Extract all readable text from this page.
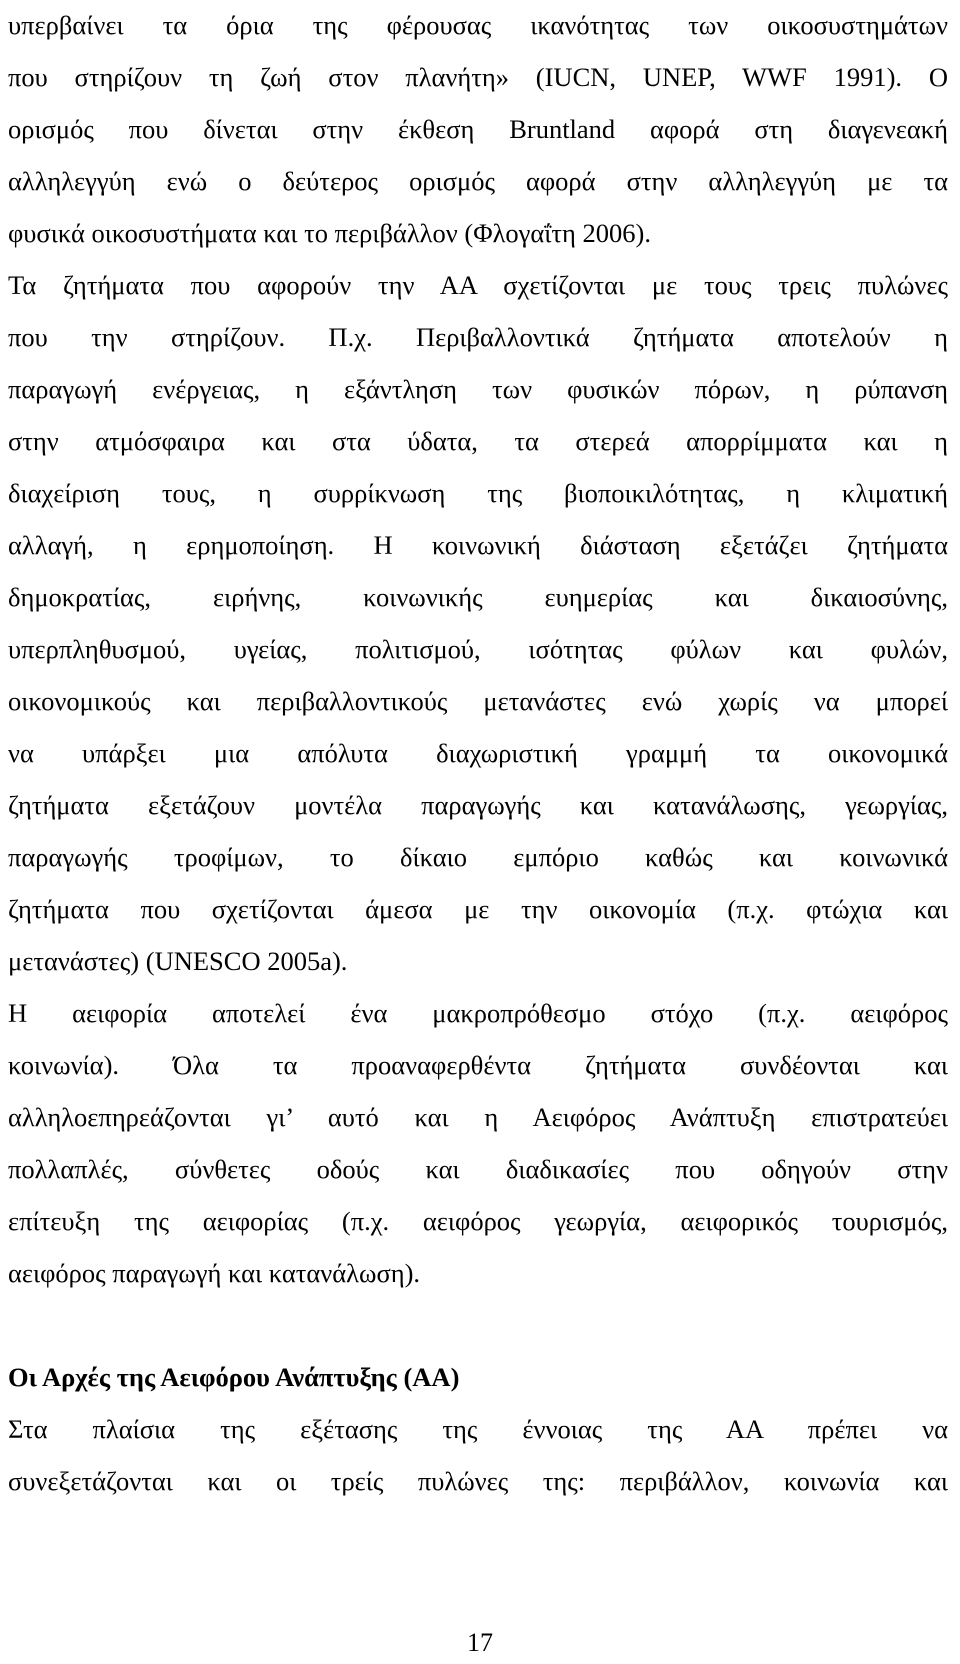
υπερβαίνει τα όρια της φέρουσας ικανότητας των οικοσυστημάτων
που στηρίζουν τη ζωή στον πλανήτη» (IUCN, UNEP, WWF 1991). Ο
ορισμός που δίνεται στην έκθεση Bruntland αφορά στη διαγενεακή
αλληλεγγύη ενώ ο δεύτερος ορισμός αφορά στην αλληλεγγύη με τα
φυσικά οικοσυστήματα και το περιβάλλον (Φλογαΐτη 2006).
Τα ζητήματα που αφορούν την ΑΑ σχετίζονται με τους τρεις πυλώνες
που την στηρίζουν. Π.χ. Περιβαλλοντικά ζητήματα αποτελούν η
παραγωγή ενέργειας, η εξάντληση των φυσικών πόρων, η ρύπανση
στην ατμόσφαιρα και στα ύδατα, τα στερεά απορρίμματα και η
διαχείριση τους, η συρρίκνωση της βιοποικιλότητας, η κλιματική
αλλαγή, η ερημοποίηση. Η κοινωνική διάσταση εξετάζει ζητήματα
δημοκρατίας, ειρήνης, κοινωνικής ευημερίας και δικαιοσύνης,
υπερπληθυσμού, υγείας, πολιτισμού, ισότητας φύλων και φυλών,
οικονομικούς και περιβαλλοντικούς μετανάστες ενώ χωρίς να μπορεί
να υπάρξει μια απόλυτα διαχωριστική γραμμή τα οικονομικά
ζητήματα εξετάζουν μοντέλα παραγωγής και κατανάλωσης, γεωργίας,
παραγωγής τροφίμων, το δίκαιο εμπόριο καθώς και κοινωνικά
ζητήματα που σχετίζονται άμεσα με την οικονομία (π.χ. φτώχια και
μετανάστες) (UNESCO 2005a).
Η αειφορία αποτελεί ένα μακροπρόθεσμο στόχο (π.χ. αειφόρος
κοινωνία). Όλα τα προαναφερθέντα ζητήματα συνδέονται και
αλληλοεπηρεάζονται γι’ αυτό και η Αειφόρος Ανάπτυξη επιστρατεύει
πολλαπλές, σύνθετες οδούς και διαδικασίες που οδηγούν στην
επίτευξη της αειφορίας (π.χ. αειφόρος γεωργία, αειφορικός τουρισμός,
αειφόρος παραγωγή και κατανάλωση).
Οι Αρχές της Αειφόρου Ανάπτυξης (ΑΑ)
Στα πλαίσια της εξέτασης της έννοιας της ΑΑ πρέπει να
συνεξετάζονται και οι τρείς πυλώνες της: περιβάλλον, κοινωνία και
17
